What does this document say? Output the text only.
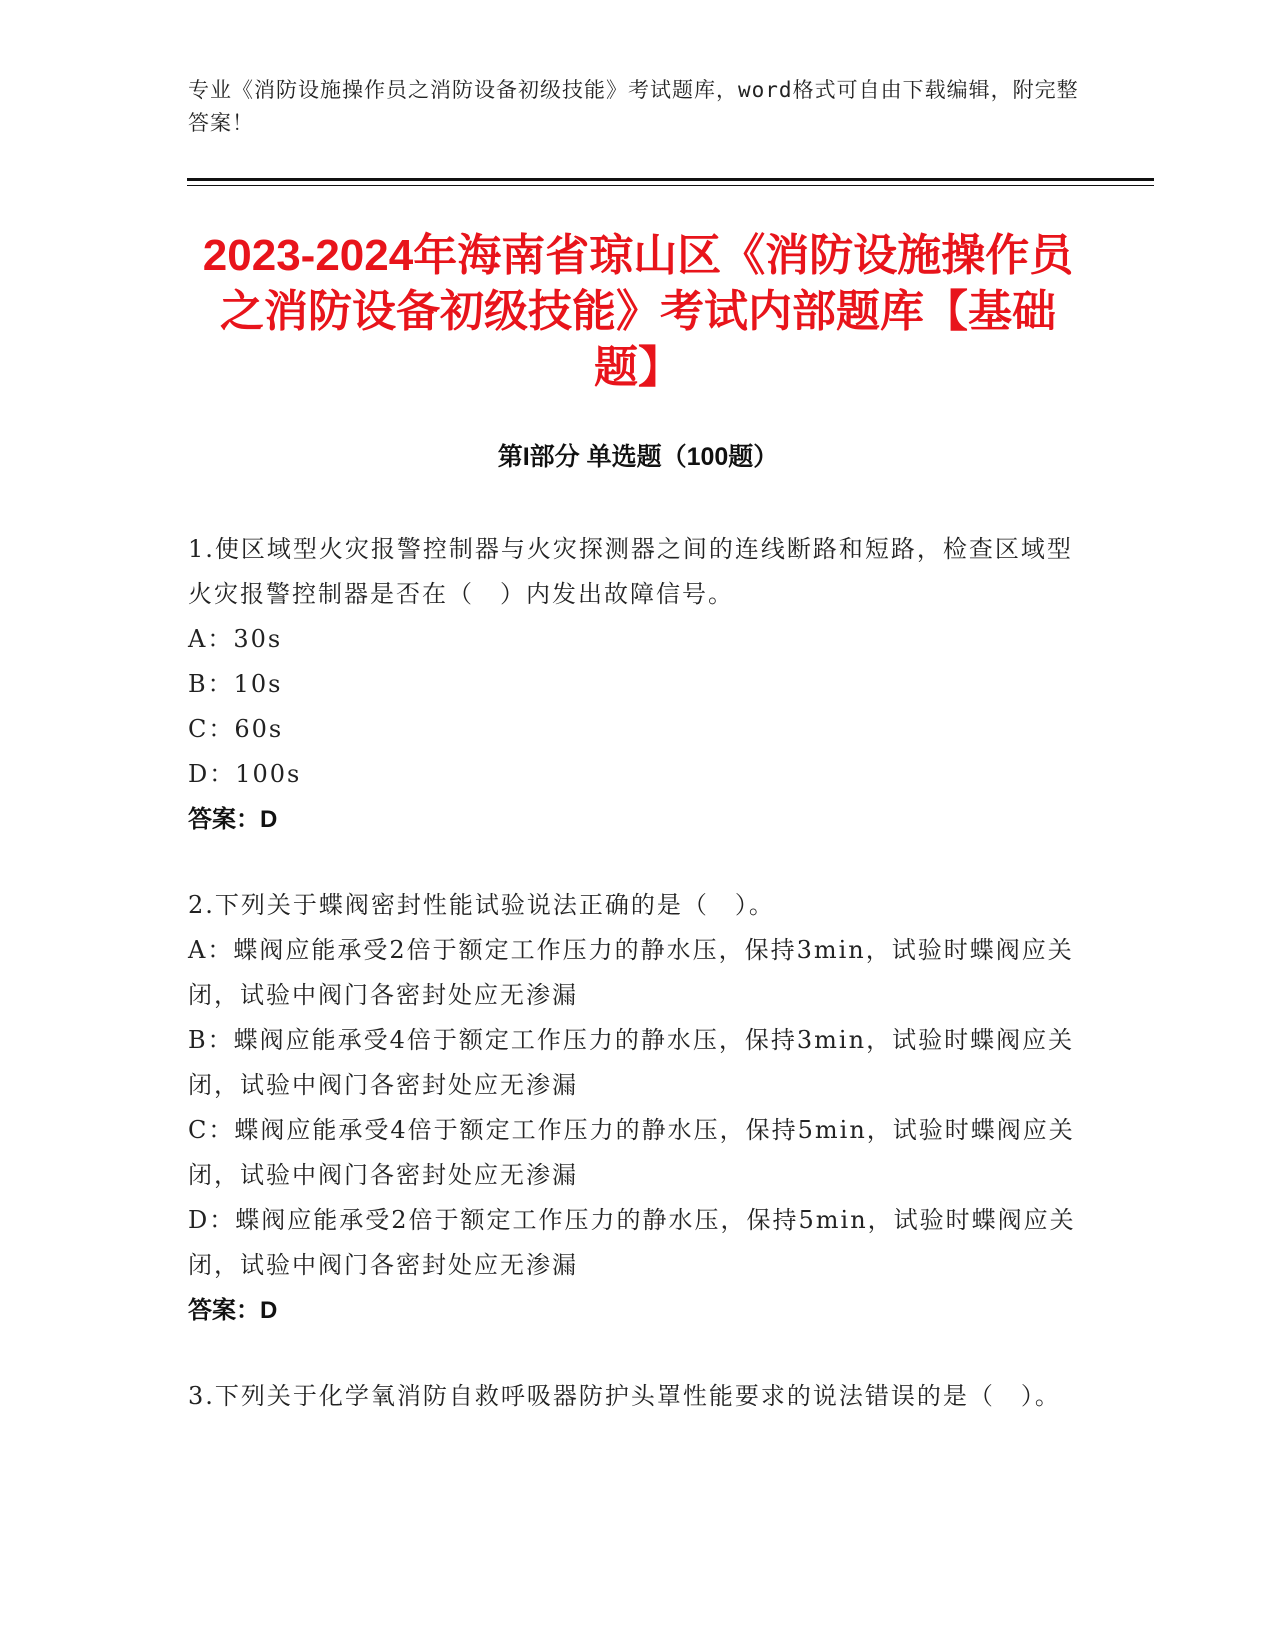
专业《消防设施操作员之消防设备初级技能》考试题库，word格式可自由下载编辑，附完整答案！
2023-2024年海南省琼山区《消防设施操作员之消防设备初级技能》考试内部题库【基础题】
第I部分 单选题（100题）
1.使区域型火灾报警控制器与火灾探测器之间的连线断路和短路，检查区域型火灾报警控制器是否在（　）内发出故障信号。
A：30s
B：10s
C：60s
D：100s
答案：D
2.下列关于蝶阀密封性能试验说法正确的是（　）。
A：蝶阀应能承受2倍于额定工作压力的静水压，保持3min，试验时蝶阀应关闭，试验中阀门各密封处应无渗漏
B：蝶阀应能承受4倍于额定工作压力的静水压，保持3min，试验时蝶阀应关闭，试验中阀门各密封处应无渗漏
C：蝶阀应能承受4倍于额定工作压力的静水压，保持5min，试验时蝶阀应关闭，试验中阀门各密封处应无渗漏
D：蝶阀应能承受2倍于额定工作压力的静水压，保持5min，试验时蝶阀应关闭，试验中阀门各密封处应无渗漏
答案：D
3.下列关于化学氧消防自救呼吸器防护头罩性能要求的说法错误的是（　）。
